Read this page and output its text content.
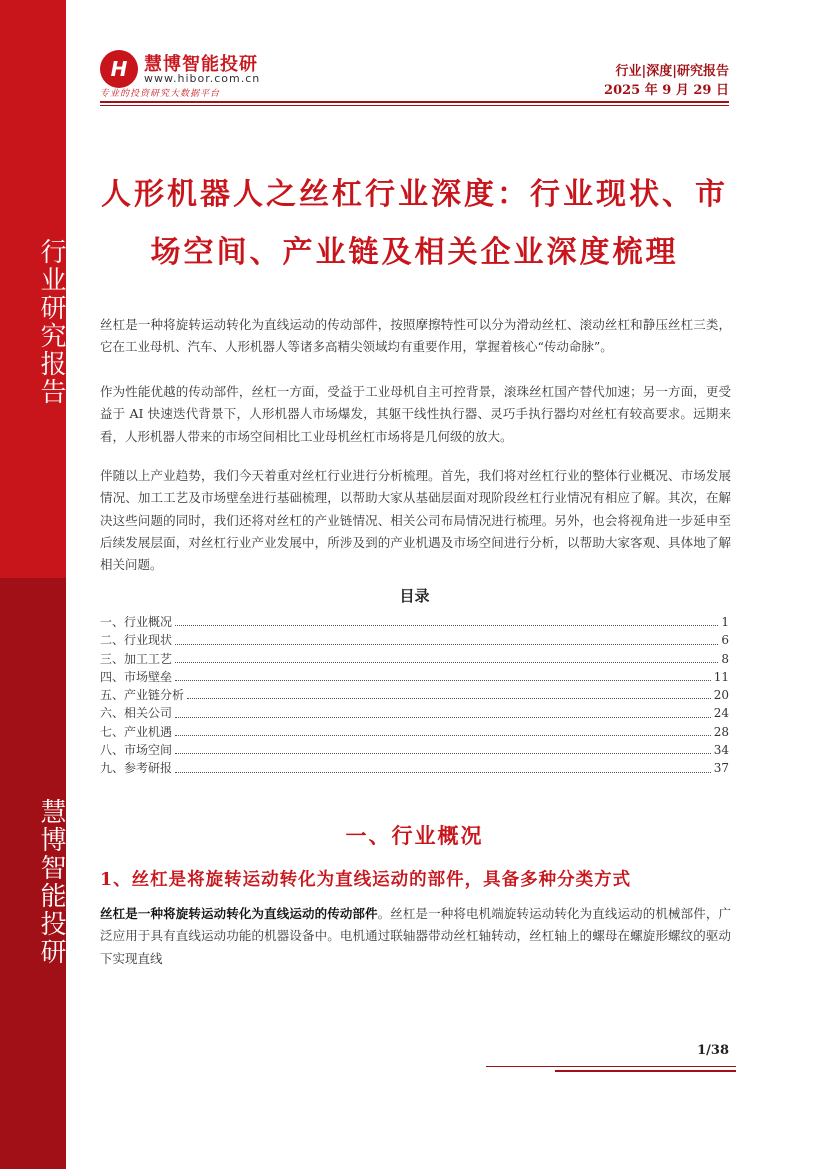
行业研究报告
慧博智能投研
H 慧博智能投研
www.hibor.com.cn
专业的投资研究大数据平台
行业|深度|研究报告
2025 年 9 月 29 日
人形机器人之丝杠行业深度：行业现状、市场空间、产业链及相关企业深度梳理
丝杠是一种将旋转运动转化为直线运动的传动部件，按照摩擦特性可以分为滑动丝杠、滚动丝杠和静压丝杠三类，它在工业母机、汽车、人形机器人等诸多高精尖领域均有重要作用，掌握着核心“传动命脉”。
作为性能优越的传动部件，丝杠一方面，受益于工业母机自主可控背景，滚珠丝杠国产替代加速；另一方面，更受益于 AI 快速迭代背景下，人形机器人市场爆发，其躯干线性执行器、灵巧手执行器均对丝杠有较高要求。远期来看，人形机器人带来的市场空间相比工业母机丝杠市场将是几何级的放大。
伴随以上产业趋势，我们今天着重对丝杠行业进行分析梳理。首先，我们将对丝杠行业的整体行业概况、市场发展情况、加工工艺及市场壁垒进行基础梳理，以帮助大家从基础层面对现阶段丝杠行业情况有相应了解。其次，在解决这些问题的同时，我们还将对丝杠的产业链情况、相关公司布局情况进行梳理。另外，也会将视角进一步延申至后续发展层面，对丝杠行业产业发展中，所涉及到的产业机遇及市场空间进行分析，以帮助大家客观、具体地了解相关问题。
目录
一、行业概况	1
二、行业现状	6
三、加工工艺	8
四、市场壁垒	11
五、产业链分析	20
六、相关公司	24
七、产业机遇	28
八、市场空间	34
九、参考研报	37
一、行业概况
1、丝杠是将旋转运动转化为直线运动的部件，具备多种分类方式
丝杠是一种将旋转运动转化为直线运动的传动部件。丝杠是一种将电机端旋转运动转化为直线运动的机械部件，广泛应用于具有直线运动功能的机器设备中。电机通过联轴器带动丝杠轴转动，丝杠轴上的螺母在螺旋形螺纹的驱动下实现直线
1/38
